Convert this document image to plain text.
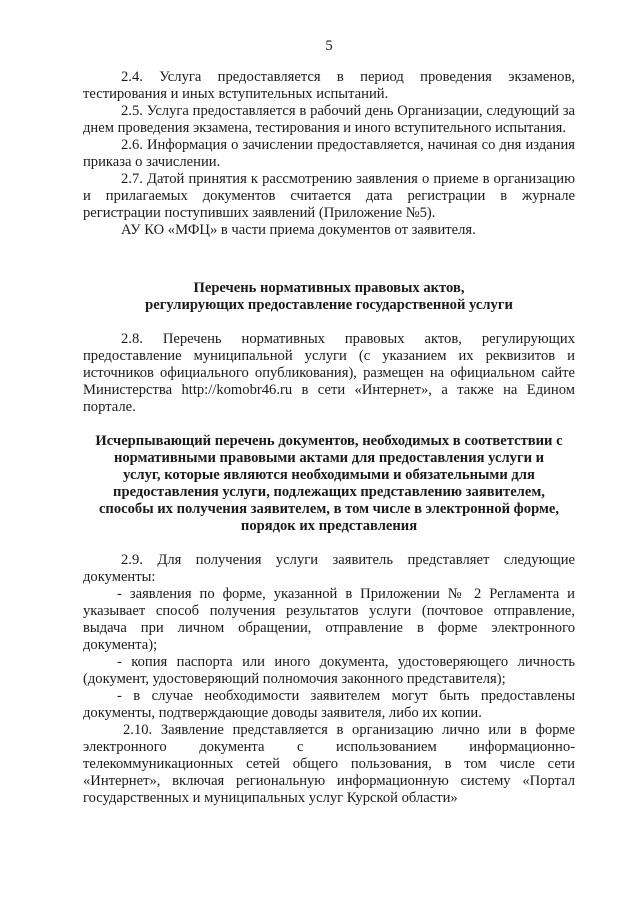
5

2.4. Услуга предоставляется в период проведения экзаменов, тестирования и иных вступительных испытаний.

2.5. Услуга предоставляется в рабочий день Организации, следующий за днем проведения экзамена, тестирования и иного вступительного испытания.

2.6. Информация о зачислении предоставляется, начиная со дня издания приказа о зачислении.

2.7. Датой принятия к рассмотрению заявления о приеме в организацию и прилагаемых документов считается дата регистрации в журнале регистрации поступивших заявлений (Приложение №5).

АУ КО «МФЦ» в части приема документов от заявителя.

Перечень нормативных правовых актов,
регулирующих предоставление государственной услуги

2.8. Перечень нормативных правовых актов, регулирующих предоставление муниципальной услуги (с указанием их реквизитов и источников официального опубликования), размещен на официальном сайте Министерства http://komobr46.ru в сети «Интернет», а также на Едином портале.

Исчерпывающий перечень документов, необходимых в соответствии с
нормативными правовыми актами для предоставления услуги и
услуг, которые являются необходимыми и обязательными для
предоставления услуги, подлежащих представлению заявителем,
способы их получения заявителем, в том числе в электронной форме,
порядок их представления

2.9. Для получения услуги заявитель представляет следующие документы:

- заявления по форме, указанной в Приложении № 2 Регламента и указывает способ получения результатов услуги (почтовое отправление, выдача при личном обращении, отправление в форме электронного документа);

- копия паспорта или иного документа, удостоверяющего личность (документ, удостоверяющий полномочия законного представителя);

- в случае необходимости заявителем могут быть предоставлены документы, подтверждающие доводы заявителя, либо их копии.

2.10. Заявление представляется в организацию лично или в форме электронного документа с использованием информационно-телекоммуникационных сетей общего пользования, в том числе сети «Интернет», включая региональную информационную систему «Портал государственных и муниципальных услуг Курской области»
